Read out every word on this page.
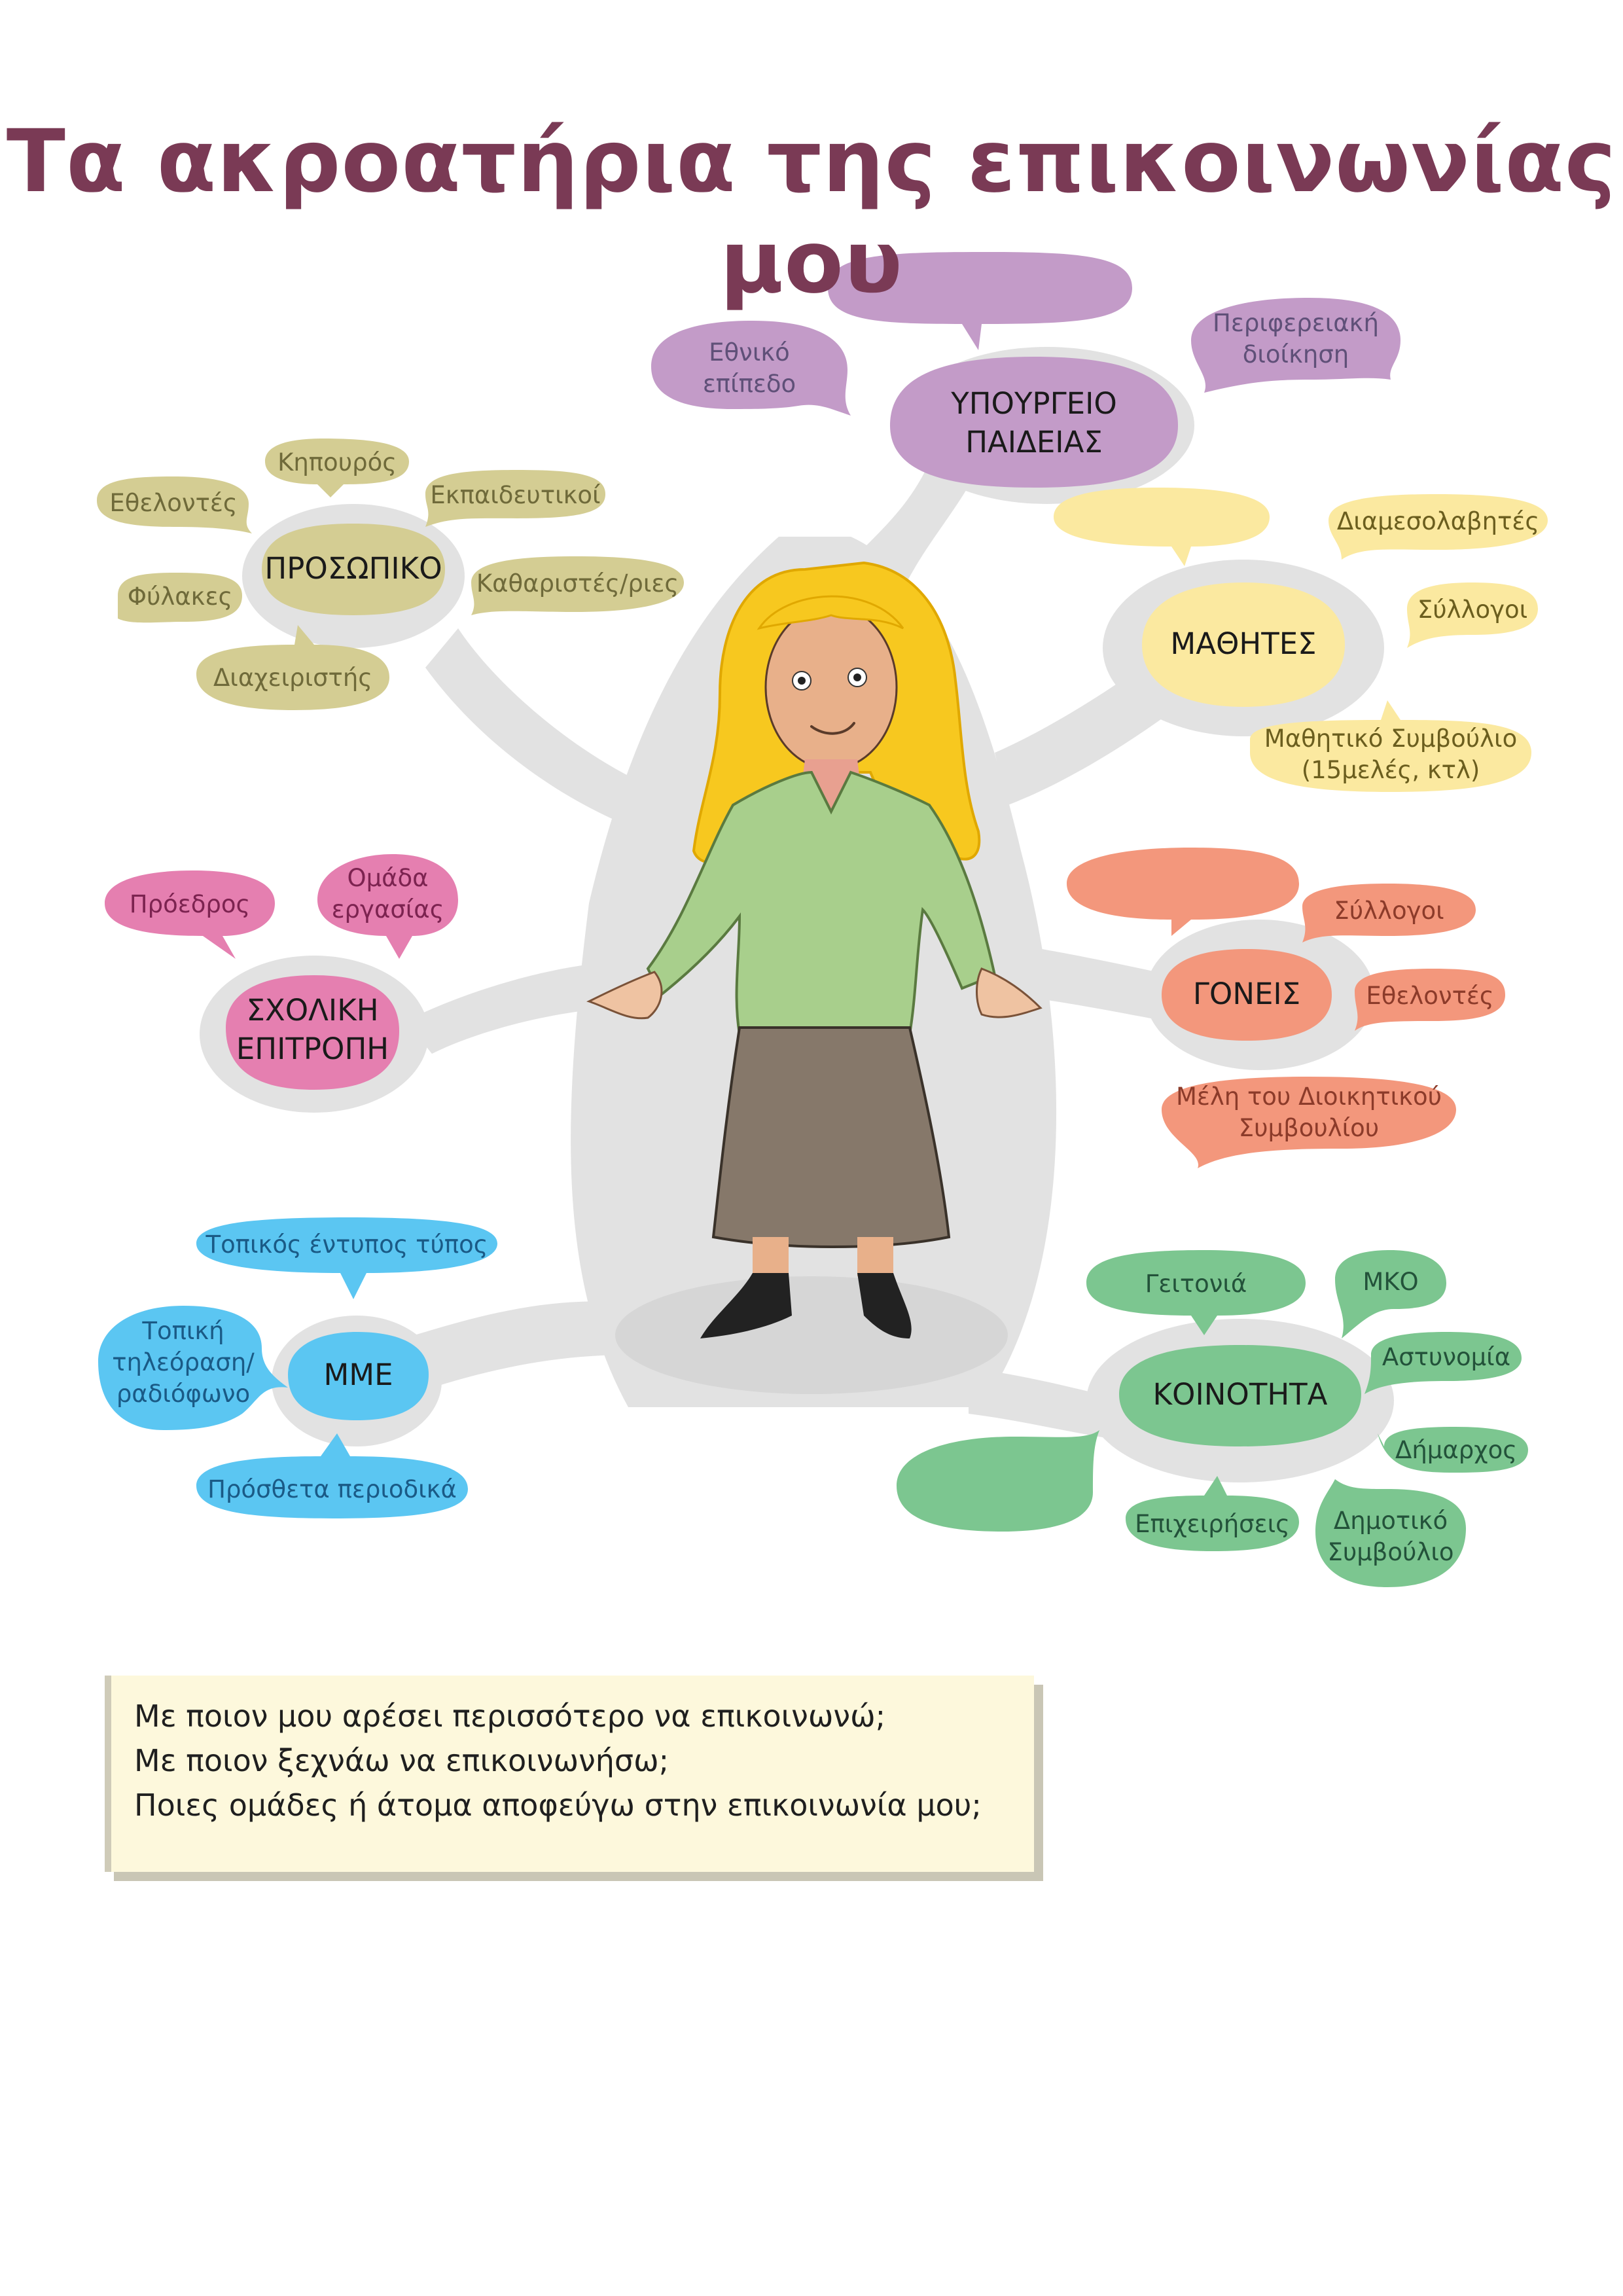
Τα ακροατήρια της επικοινωνίας μου
ΥΠΟΥΡΓΕΙΟ
ΠΑΙΔΕΙΑΣ
Εθνικό
επίπεδο
Περιφερειακή
διοίκηση
ΠΡΟΣΩΠΙΚΟ
Κηπουρός
Εθελοντές	Εκπαιδευτικοί
Καθαριστές/ριες
Φύλακες
Διαχειριστής
ΜΑΘΗΤΕΣ
Διαμεσολαβητές
Σύλλογοι
Μαθητικό Συμβούλιο
(15μελές, κτλ)
ΣΧΟΛΙΚΗ
ΕΠΙΤΡΟΠΗ
Πρόεδρος
Ομάδα
εργασίας
ΓΟΝΕΙΣ
Σύλλογοι
Εθελοντές
Μέλη του Διοικητικού
Συμβουλίου
ΜΜΕ
Τοπικός έντυπος τύπος
Τοπική
τηλεόραση/
ραδιόφωνο
Πρόσθετα περιοδικά
ΚΟΙΝΟΤΗΤΑ
Γειτονιά	ΜΚΟ
Αστυνομία
Δήμαρχος
Επιχειρήσεις	Δημοτικό
Συμβούλιο
Με ποιον μου αρέσει περισσότερο να επικοινωνώ;
Με ποιον ξεχνάω να επικοινωνήσω;
Ποιες ομάδες ή άτομα αποφεύγω στην επικοινωνία μου;
